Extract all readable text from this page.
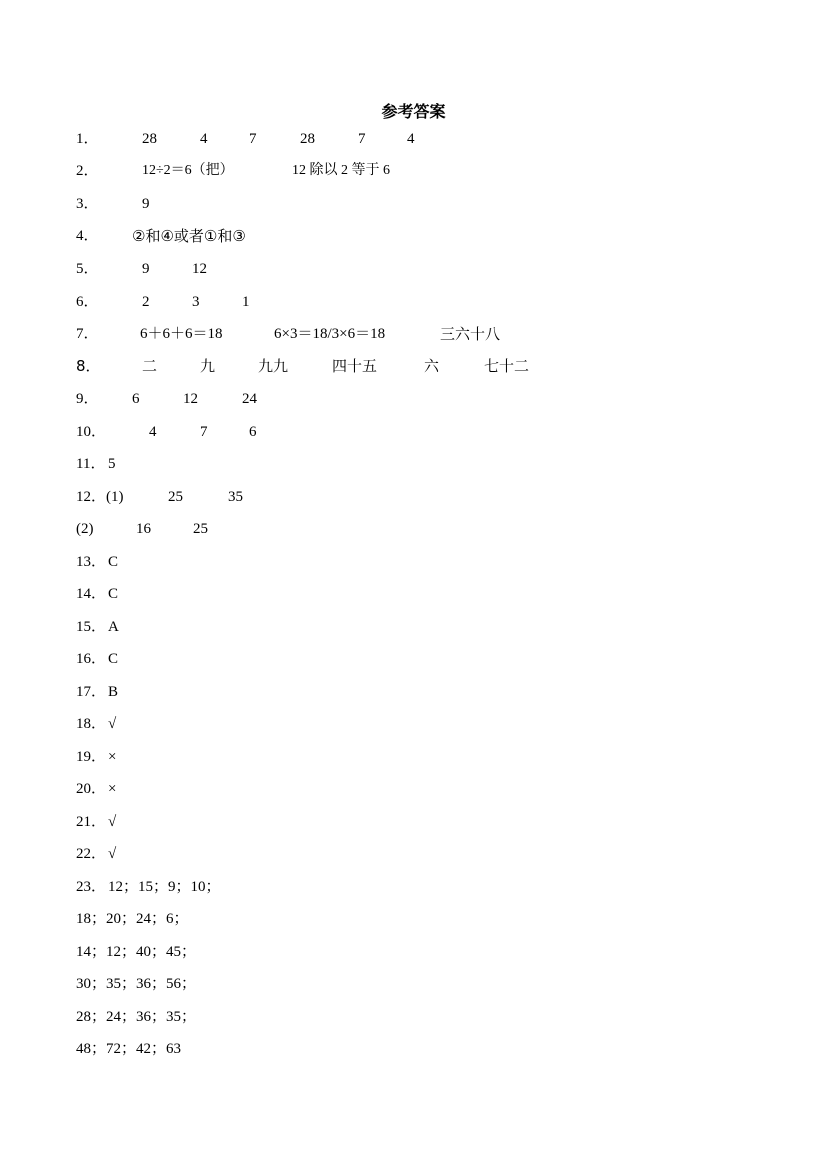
参考答案
1．	28	4	7	28	7	4
2．	12÷2＝6（把）	12 除以 2 等于 6
3．	9
4． ②和④或者①和③
5．	9	12
6．	2	3	1
7．	6＋6＋6＝18	6×3＝18/3×6＝18	三六十八
8．	二	九	九九	四十五	六	七十二
9． 6	12	24
10．	4	7	6
11． 5
12． (1)	25	35
(2)	16	25
13． C
14． C
15． A
16． C
17． B
18． √
19． ×
20． ×
21． √
22． √
23． 12；15；9；10；
18；20；24；6；
14；12；40；45；
30；35；36；56；
28；24；36；35；
48；72；42；63
